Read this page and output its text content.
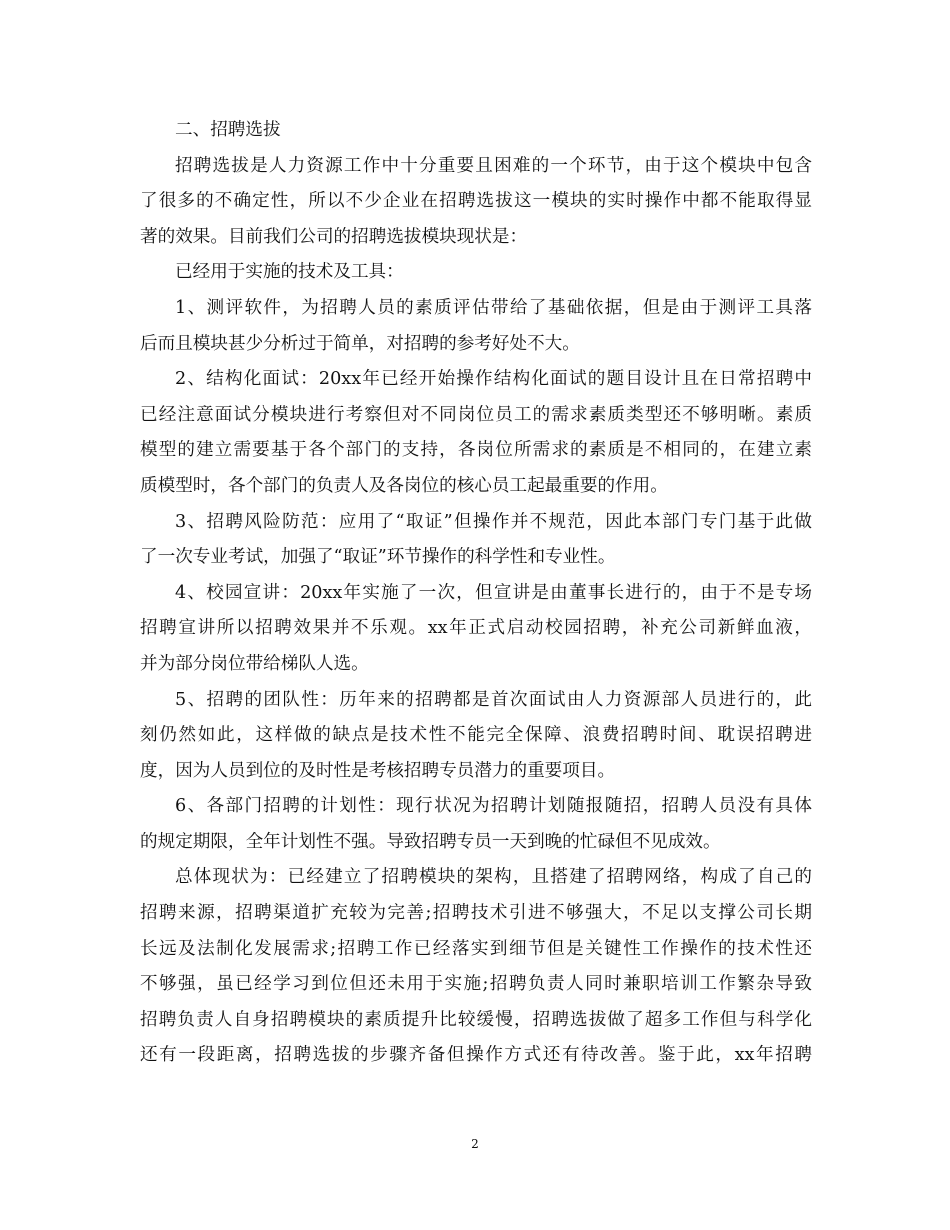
二、招聘选拔
招聘选拔是人力资源工作中十分重要且困难的一个环节，由于这个模块中包含
了很多的不确定性，所以不少企业在招聘选拔这一模块的实时操作中都不能取得显
著的效果。目前我们公司的招聘选拔模块现状是：
已经用于实施的技术及工具：
1、测评软件，为招聘人员的素质评估带给了基础依据，但是由于测评工具落
后而且模块甚少分析过于简单，对招聘的参考好处不大。
2、结构化面试：20xx年已经开始操作结构化面试的题目设计且在日常招聘中
已经注意面试分模块进行考察但对不同岗位员工的需求素质类型还不够明晰。素质
模型的建立需要基于各个部门的支持，各岗位所需求的素质是不相同的，在建立素
质模型时，各个部门的负责人及各岗位的核心员工起最重要的作用。
3、招聘风险防范：应用了“取证”但操作并不规范，因此本部门专门基于此做
了一次专业考试，加强了“取证”环节操作的科学性和专业性。
4、校园宣讲：20xx年实施了一次，但宣讲是由董事长进行的，由于不是专场
招聘宣讲所以招聘效果并不乐观。xx年正式启动校园招聘，补充公司新鲜血液，
并为部分岗位带给梯队人选。
5、招聘的团队性：历年来的招聘都是首次面试由人力资源部人员进行的，此
刻仍然如此，这样做的缺点是技术性不能完全保障、浪费招聘时间、耽误招聘进
度，因为人员到位的及时性是考核招聘专员潜力的重要项目。
6、各部门招聘的计划性：现行状况为招聘计划随报随招，招聘人员没有具体
的规定期限，全年计划性不强。导致招聘专员一天到晚的忙碌但不见成效。
总体现状为：已经建立了招聘模块的架构，且搭建了招聘网络，构成了自己的
招聘来源，招聘渠道扩充较为完善;招聘技术引进不够强大，不足以支撑公司长期
长远及法制化发展需求;招聘工作已经落实到细节但是关键性工作操作的技术性还
不够强，虽已经学习到位但还未用于实施;招聘负责人同时兼职培训工作繁杂导致
招聘负责人自身招聘模块的素质提升比较缓慢，招聘选拔做了超多工作但与科学化
还有一段距离，招聘选拔的步骤齐备但操作方式还有待改善。鉴于此，xx年招聘
2
